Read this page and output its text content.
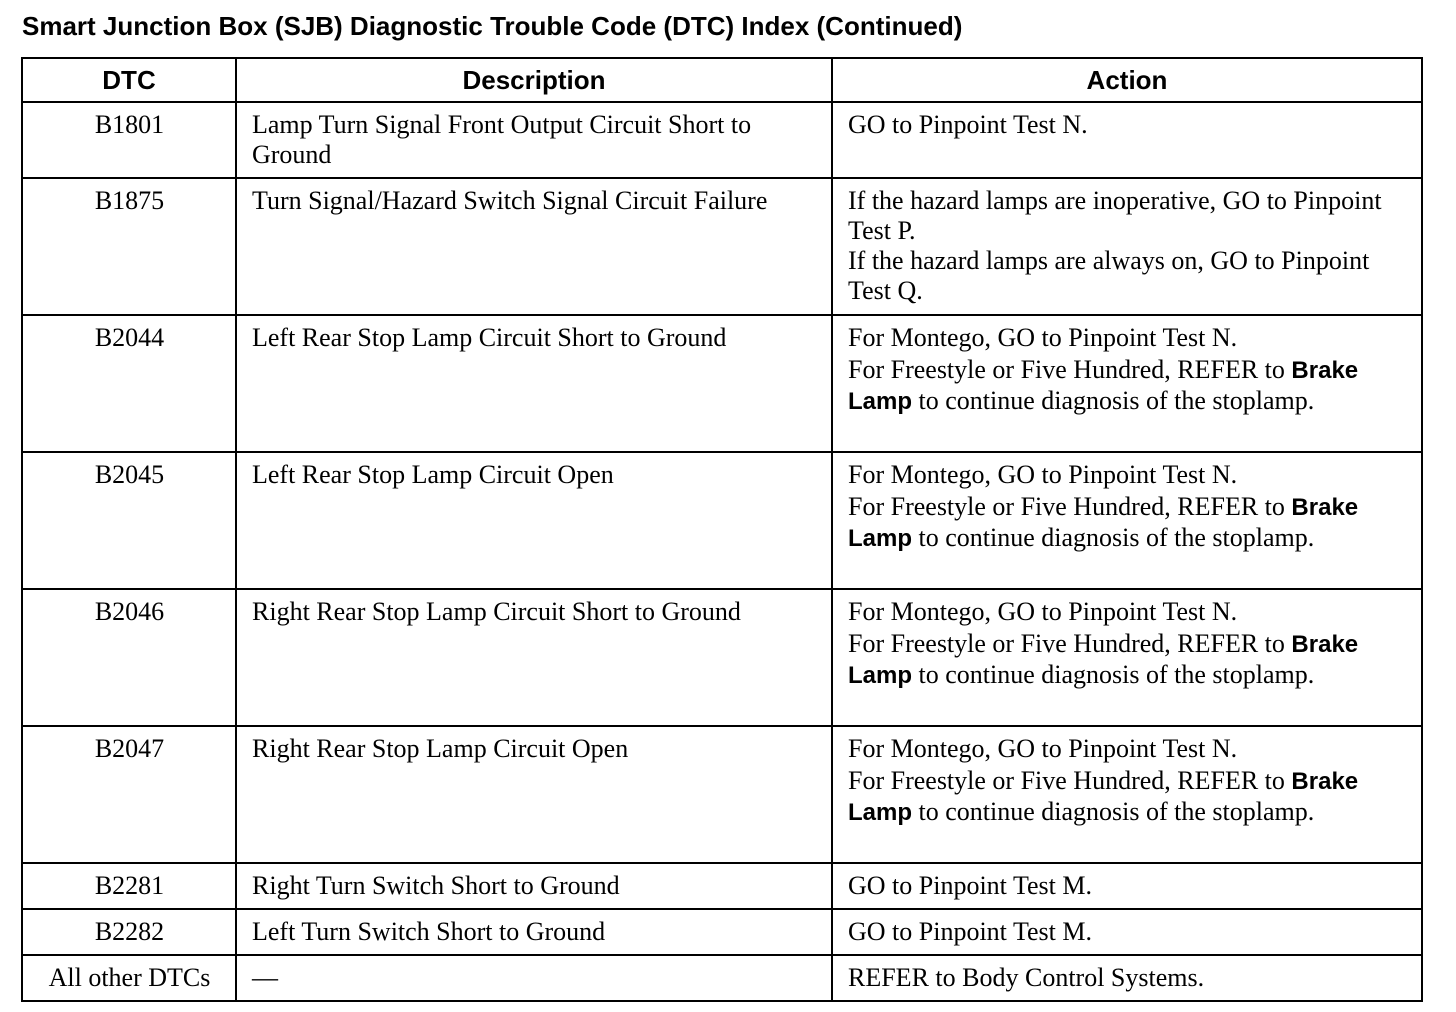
Smart Junction Box (SJB) Diagnostic Trouble Code (DTC) Index (Continued)
DTC	Description	Action
B1801	Lamp Turn Signal Front Output Circuit Short to Ground	GO to Pinpoint Test N.

B1875	Turn Signal/Hazard Switch Signal Circuit Failure	If the hazard lamps are inoperative, GO to Pinpoint Test P.
If the hazard lamps are always on, GO to Pinpoint Test Q.

B2044	Left Rear Stop Lamp Circuit Short to Ground	For Montego, GO to Pinpoint Test N.
For Freestyle or Five Hundred, REFER to Brake Lamp to continue diagnosis of the stoplamp.

B2045	Left Rear Stop Lamp Circuit Open	For Montego, GO to Pinpoint Test N.
For Freestyle or Five Hundred, REFER to Brake Lamp to continue diagnosis of the stoplamp.

B2046	Right Rear Stop Lamp Circuit Short to Ground	For Montego, GO to Pinpoint Test N.
For Freestyle or Five Hundred, REFER to Brake Lamp to continue diagnosis of the stoplamp.

B2047	Right Rear Stop Lamp Circuit Open	For Montego, GO to Pinpoint Test N.
For Freestyle or Five Hundred, REFER to Brake Lamp to continue diagnosis of the stoplamp.

B2281	Right Turn Switch Short to Ground	GO to Pinpoint Test M.

B2282	Left Turn Switch Short to Ground	GO to Pinpoint Test M.

All other DTCs	—	REFER to Body Control Systems.
